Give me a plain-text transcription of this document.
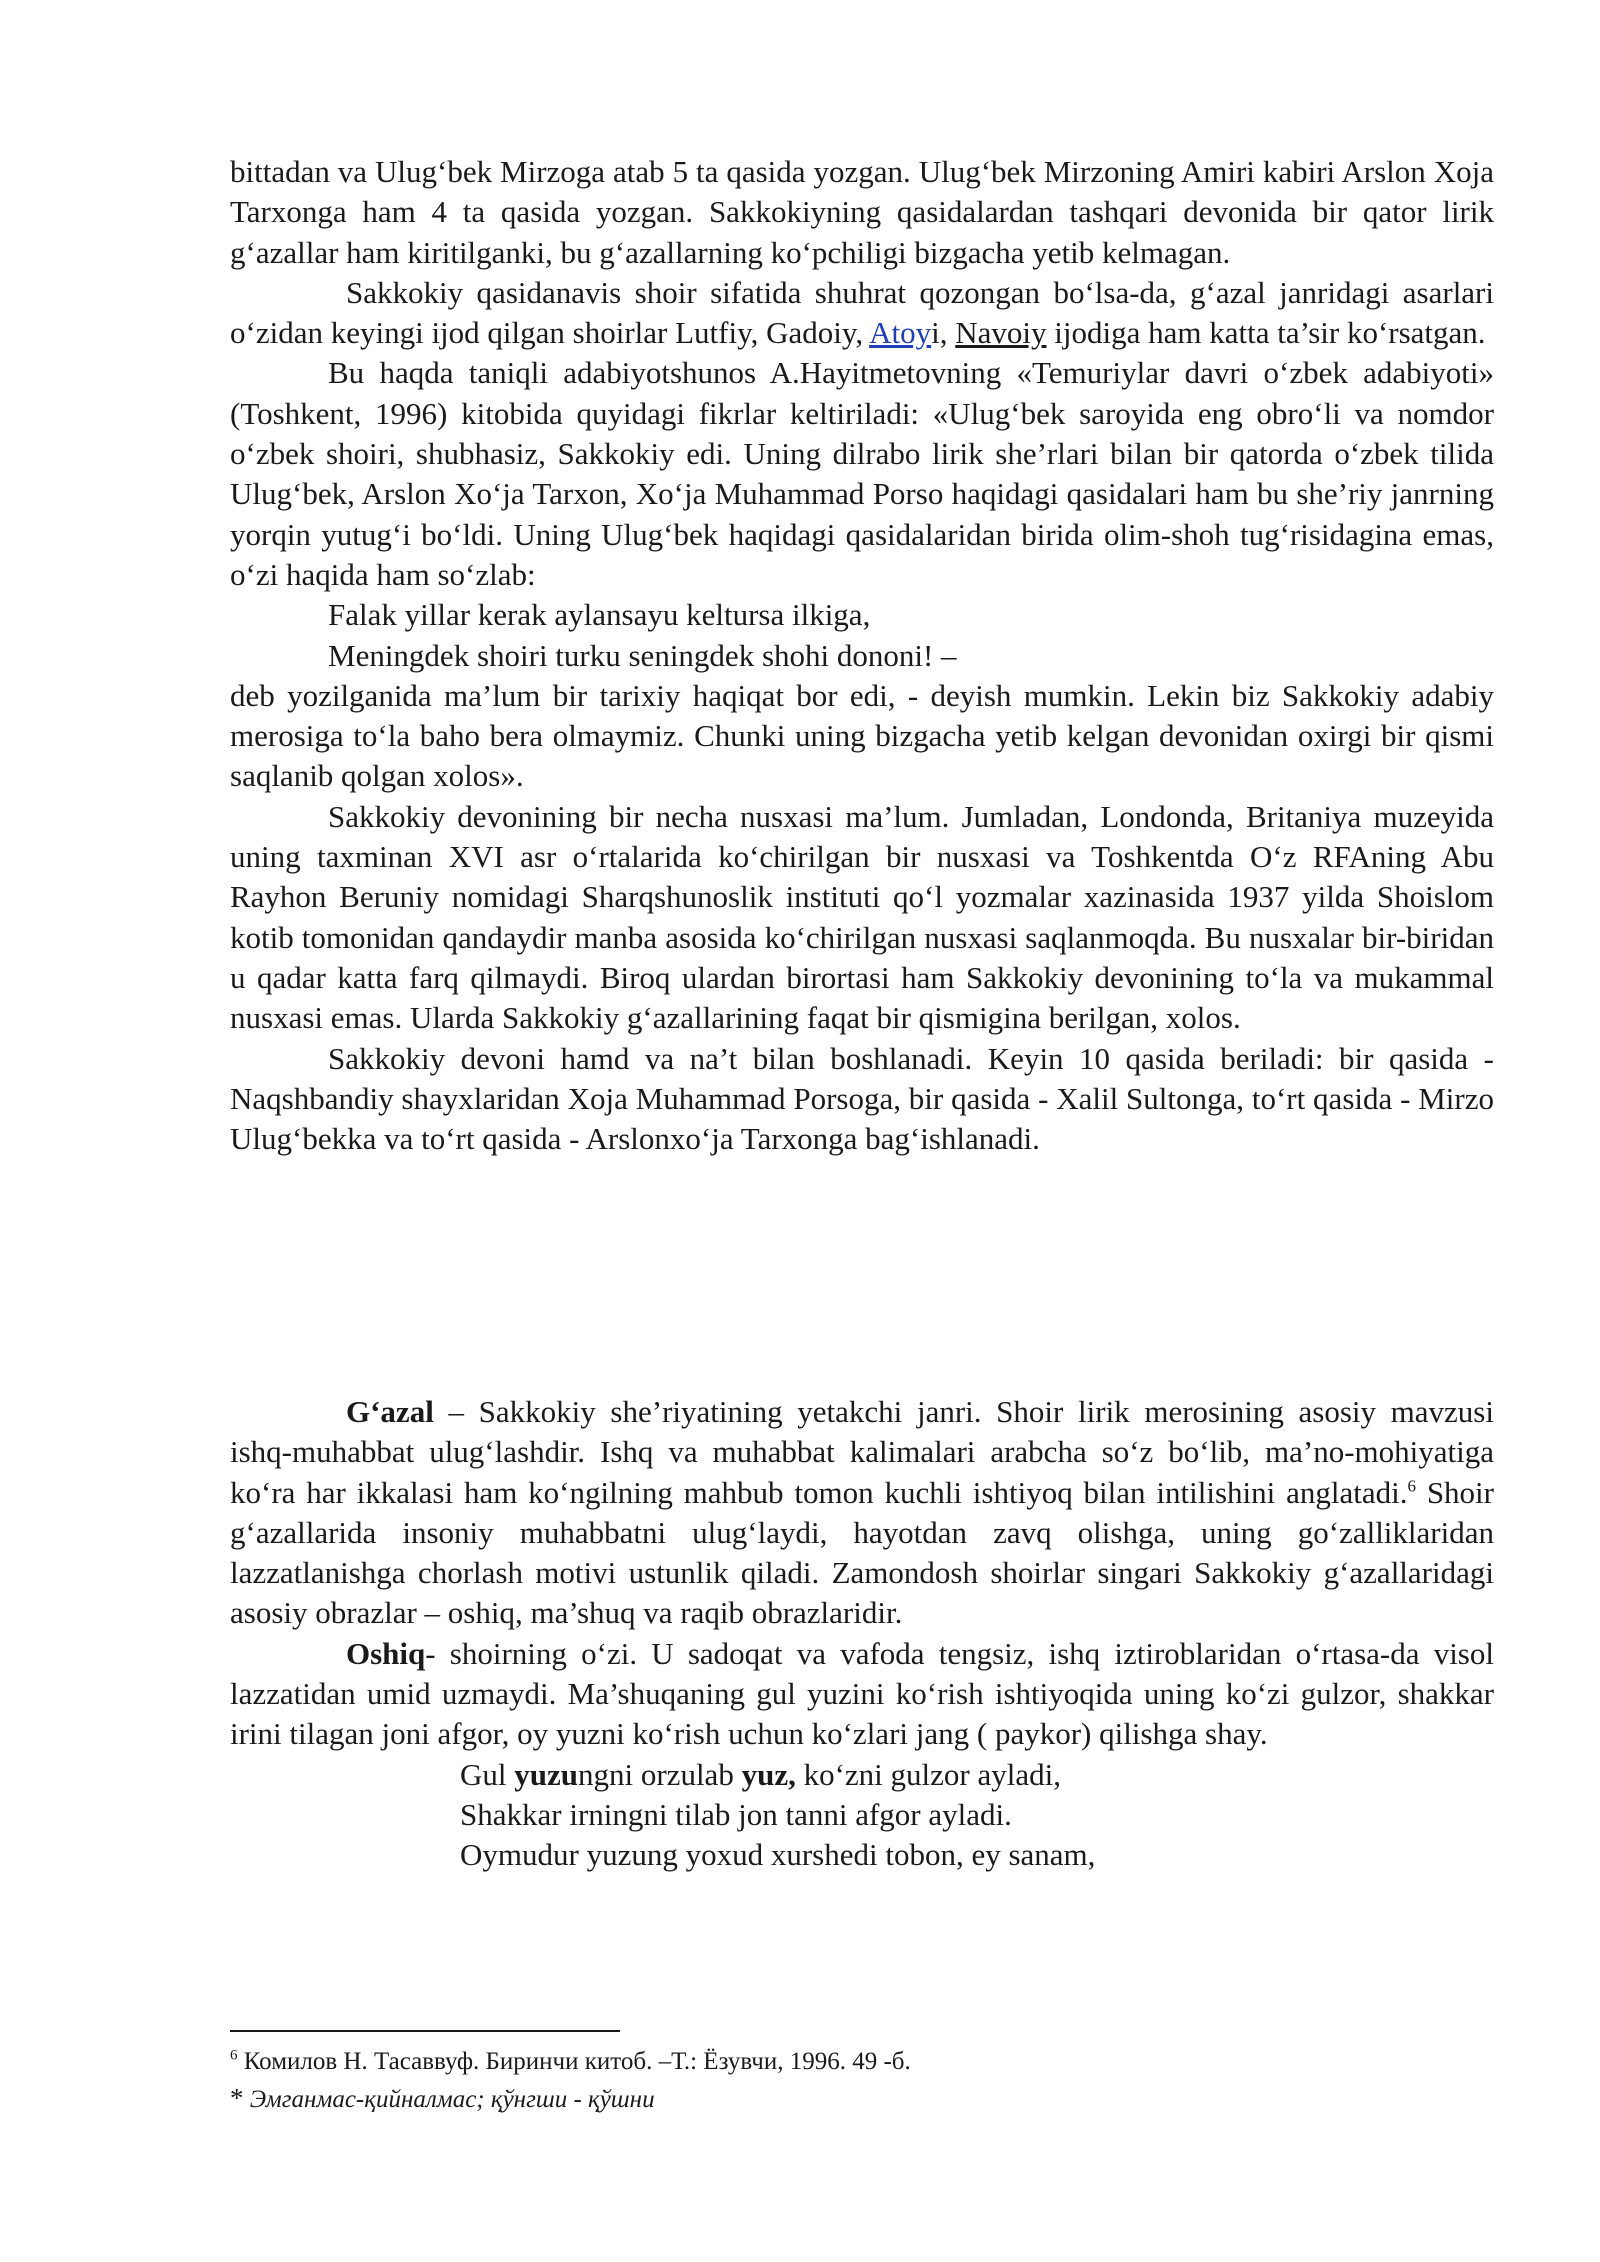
bittadan va Ulug‘bek Mirzoga atab 5 ta qasida yozgan. Ulug‘bek Mirzoning Amiri kabiri Arslon Xoja Tarxonga ham 4 ta qasida yozgan. Sakkokiyning qasidalardan tashqari devonida bir qator lirik g‘azallar ham kiritilganki, bu g‘azallarning ko‘pchiligi bizgacha yetib kelmagan.

Sakkokiy qasidanavis shoir sifatida shuhrat qozongan bo‘lsa-da, g‘azal janridagi asarlari o‘zidan keyingi ijod qilgan shoirlar Lutfiy, Gadoiy, Atoyi, Navoiy ijodiga ham katta ta’sir ko‘rsatgan.

Bu haqda taniqli adabiyotshunos A.Hayitmetovning «Temuriylar davri o‘zbek adabiyoti» (Toshkent, 1996) kitobida quyidagi fikrlar keltiriladi: «Ulug‘bek saroyida eng obro‘li va nomdor o‘zbek shoiri, shubhasiz, Sakkokiy edi. Uning dilrabo lirik she’rlari bilan bir qatorda o‘zbek tilida Ulug‘bek, Arslon Xo‘ja Tarxon, Xo‘ja Muhammad Porso haqidagi qasidalari ham bu she’riy janrning yorqin yutug‘i bo‘ldi. Uning Ulug‘bek haqidagi qasidalaridan birida olim-shoh tug‘risidagina emas, o‘zi haqida ham so‘zlab:

Falak yillar kerak aylansayu keltursa ilkiga,

Meningdek shoiri turku seningdek shohi dononi! –

deb yozilganida ma’lum bir tarixiy haqiqat bor edi, - deyish mumkin. Lekin biz Sakkokiy adabiy merosiga to‘la baho bera olmaymiz. Chunki uning bizgacha yetib kelgan devonidan oxirgi bir qismi saqlanib qolgan xolos».

Sakkokiy devonining bir necha nusxasi ma’lum. Jumladan, Londonda, Britaniya muzeyida uning taxminan XVI asr o‘rtalarida ko‘chirilgan bir nusxasi va Toshkentda O‘z RFAning Abu Rayhon Beruniy nomidagi Sharqshunoslik instituti qo‘l yozmalar xazinasida 1937 yilda Shoislom kotib tomonidan qandaydir manba asosida ko‘chirilgan nusxasi saqlanmoqda. Bu nusxalar bir-biridan u qadar katta farq qilmaydi. Biroq ulardan birortasi ham Sakkokiy devonining to‘la va mukammal nusxasi emas. Ularda Sakkokiy g‘azallarining faqat bir qismigina berilgan, xolos.

Sakkokiy devoni hamd va na’t bilan boshlanadi. Keyin 10 qasida beriladi: bir qasida - Naqshbandiy shayxlaridan Xoja Muhammad Porsoga, bir qasida - Xalil Sultonga, to‘rt qasida - Mirzo Ulug‘bekka va to‘rt qasida - Arslonxo‘ja Tarxonga bag‘ishlanadi.

G‘azal – Sakkokiy she’riyatining yetakchi janri. Shoir lirik merosining asosiy mavzusi ishq-muhabbat ulug‘lashdir. Ishq va muhabbat kalimalari arabcha so‘z bo‘lib, ma’no-mohiyatiga ko‘ra har ikkalasi ham ko‘ngilning mahbub tomon kuchli ishtiyoq bilan intilishini anglatadi.$^6$ Shoir g‘azallarida insoniy muhabbatni ulug‘laydi, hayotdan zavq olishga, uning go‘zalliklaridan lazzatlanishga chorlash motivi ustunlik qiladi. Zamondosh shoirlar singari Sakkokiy g‘azallaridagi asosiy obrazlar – oshiq, ma’shuq va raqib obrazlaridir.

Oshiq- shoirning o‘zi. U sadoqat va vafoda tengsiz, ishq iztiroblaridan o‘rtasa-da visol lazzatidan umid uzmaydi. Ma’shuqaning gul yuzini ko‘rish ishtiyoqida uning ko‘zi gulzor, shakkar irini tilagan joni afgor, oy yuzni ko‘rish uchun ko‘zlari jang ( paykor) qilishga shay.

Gul yuzungni orzulab yuz, ko‘zni gulzor ayladi,

Shakkar irningni tilab jon tanni afgor ayladi.

Oymudur yuzung yoxud xurshedi tobon, ey sanam,

$^6$ Комилов Н. Тасаввуф. Биринчи китоб. –Т.: Ёзувчи, 1996. 49 -б.

* Эмганмас-қийналмас; қўнгши - қўшни
